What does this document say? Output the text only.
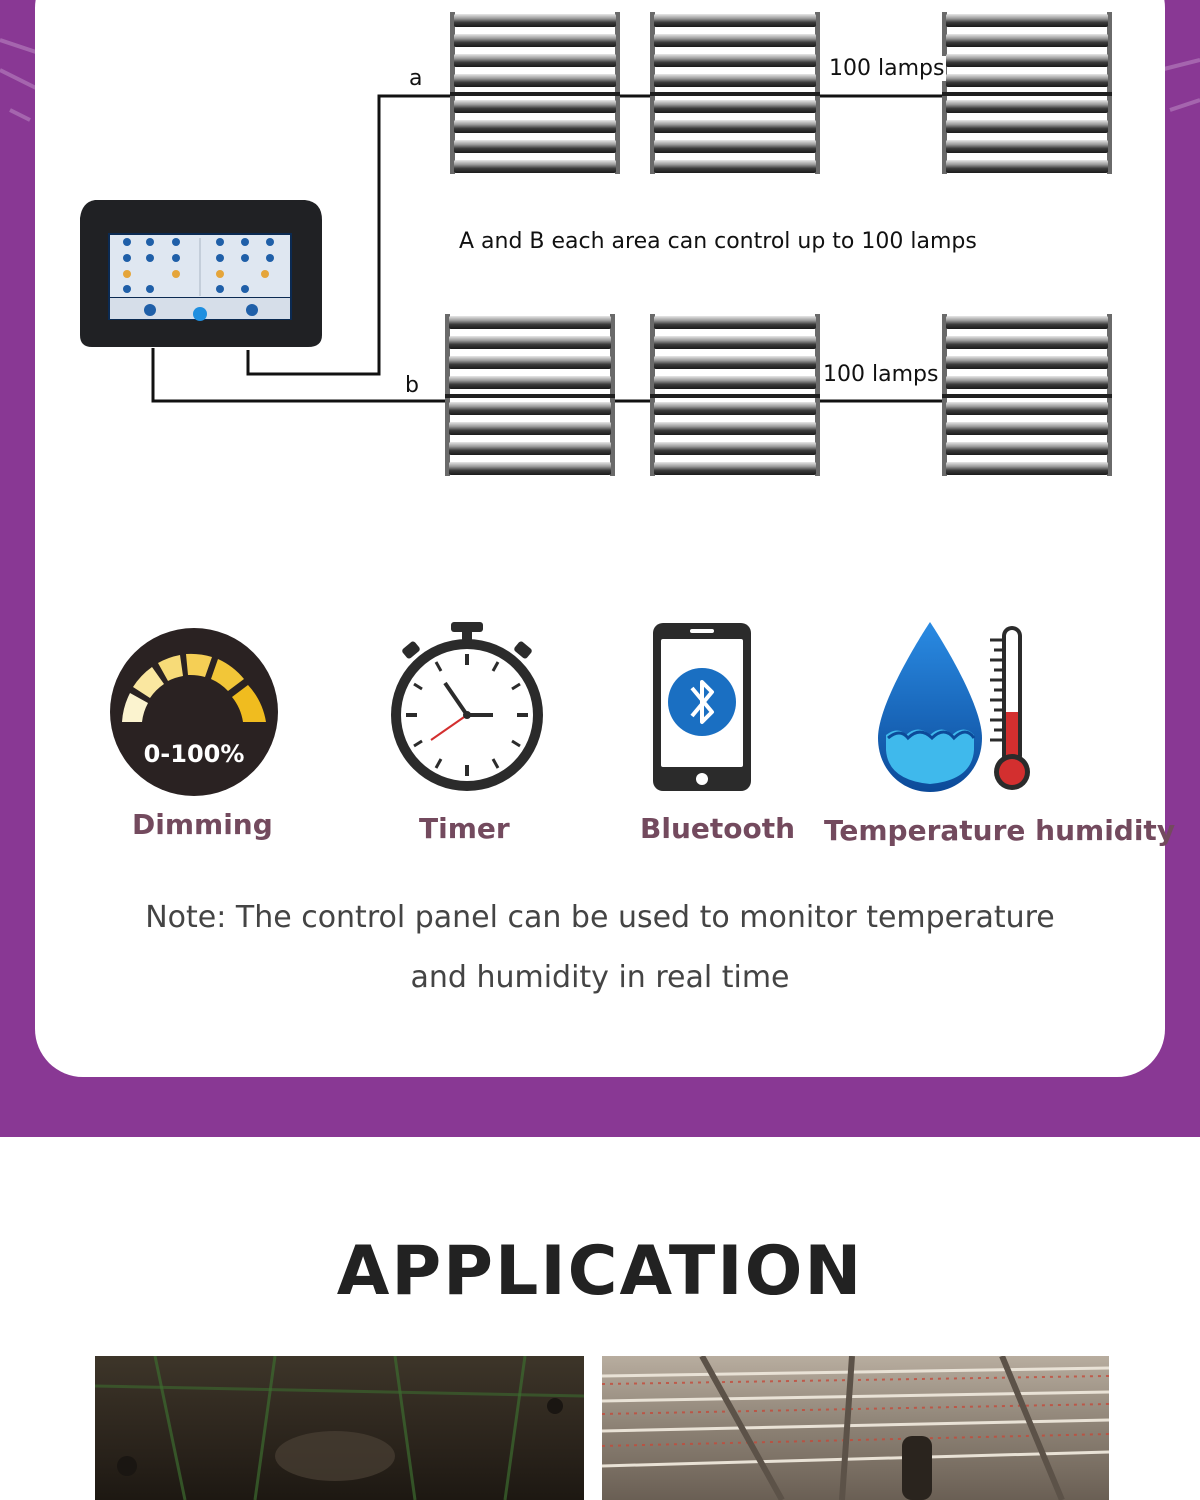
a
b
100 lamps
100 lamps
A and B each area can control up to 100 lamps
0-100%
Dimming	Timer	Bluetooth Temperature humidity

Note: The control panel can be used to monitor temperature

and humidity in real time

APPLICATION
